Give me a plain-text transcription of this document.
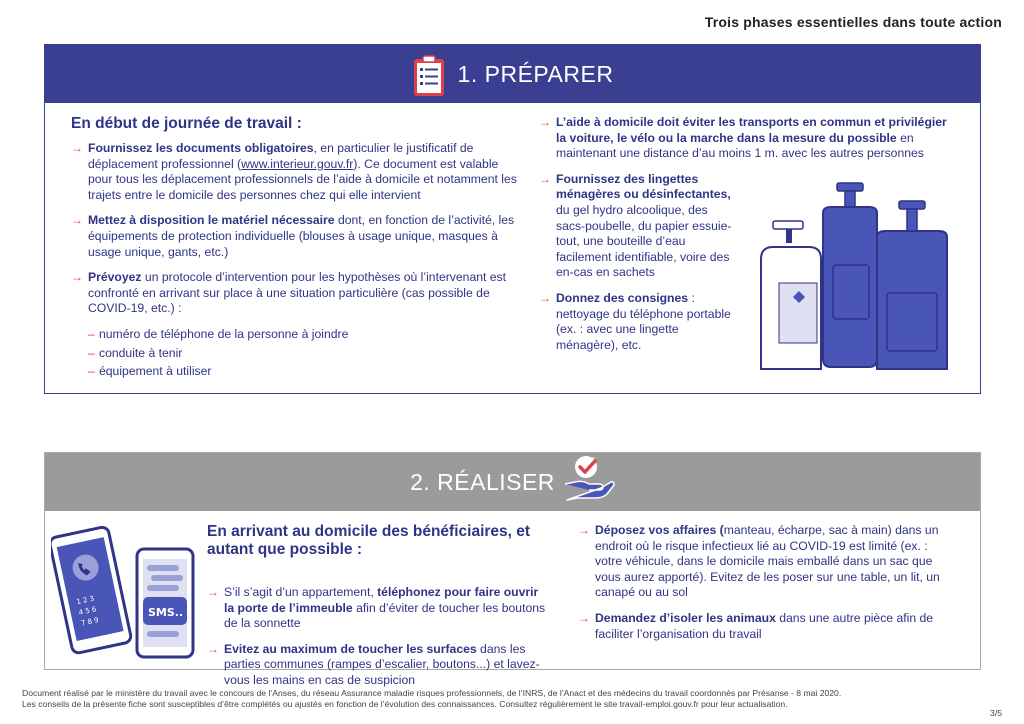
Trois phases essentielles dans toute action
1. PRÉPARER
En début de journée de travail :
→ Fournissez les documents obligatoires, en particulier le justificatif de déplacement professionnel (www.interieur.gouv.fr). Ce document est valable pour tous les déplacement professionnels de l’aide à domicile et notamment les trajets entre le domicile des personnes chez qui elle intervient
→ Mettez à disposition le matériel nécessaire dont, en fonction de l’activité, les équipements de protection individuelle (blouses à usage unique, masques à usage unique, gants, etc.)
→ Prévoyez un protocole d’intervention pour les hypothèses où l’intervenant est confronté en arrivant sur place à une situation particulière (cas possible de COVID-19, etc.) :
– numéro de téléphone de la personne à joindre
– conduite à tenir
– équipement à utiliser
→ L’aide à domicile doit éviter les transports en commun et privilégier la voiture, le vélo ou la marche dans la mesure du possible en maintenant une distance d’au moins 1 m. avec les autres personnes
→ Fournissez des lingettes ménagères ou désinfectantes, du gel hydro alcoolique, des sacs-poubelle, du papier essuie-tout, une bouteille d’eau facilement identifiable, voire des en-cas en sachets
→ Donnez des consignes : nettoyage du téléphone portable (ex. : avec une lingette ménagère), etc.
2. RÉALISER
1 2 3
4 5 6
7 8 9
SMS..
En arrivant au domicile des bénéficiaires, et autant que possible :
→ S’il s’agit d’un appartement, téléphonez pour faire ouvrir la porte de l’immeuble afin d’éviter de toucher les boutons de la sonnette
→ Evitez au maximum de toucher les surfaces dans les parties communes (rampes d’escalier, boutons...) et lavez-vous les mains en cas de suspicion
→ Déposez vos affaires (manteau, écharpe, sac à main) dans un endroit où le risque infectieux lié au COVID-19 est limité (ex. : votre véhicule, dans le domicile mais emballé dans un sac que vous aurez apporté). Evitez de les poser sur une table, un lit, un canapé ou au sol
→ Demandez d’isoler les animaux dans une autre pièce afin de faciliter l’organisation du travail
Document réalisé par le ministère du travail avec le concours de l’Anses, du réseau Assurance maladie risques professionnels, de l’INRS, de l’Anact et des médecins du travail coordonnés par Présanse - 8 mai 2020.
Les conseils de la présente fiche sont susceptibles d’être complétés ou ajustés en fonction de l’évolution des connaissances. Consultez régulièrement le site travail-emploi.gouv.fr pour leur actualisation.
3/5
